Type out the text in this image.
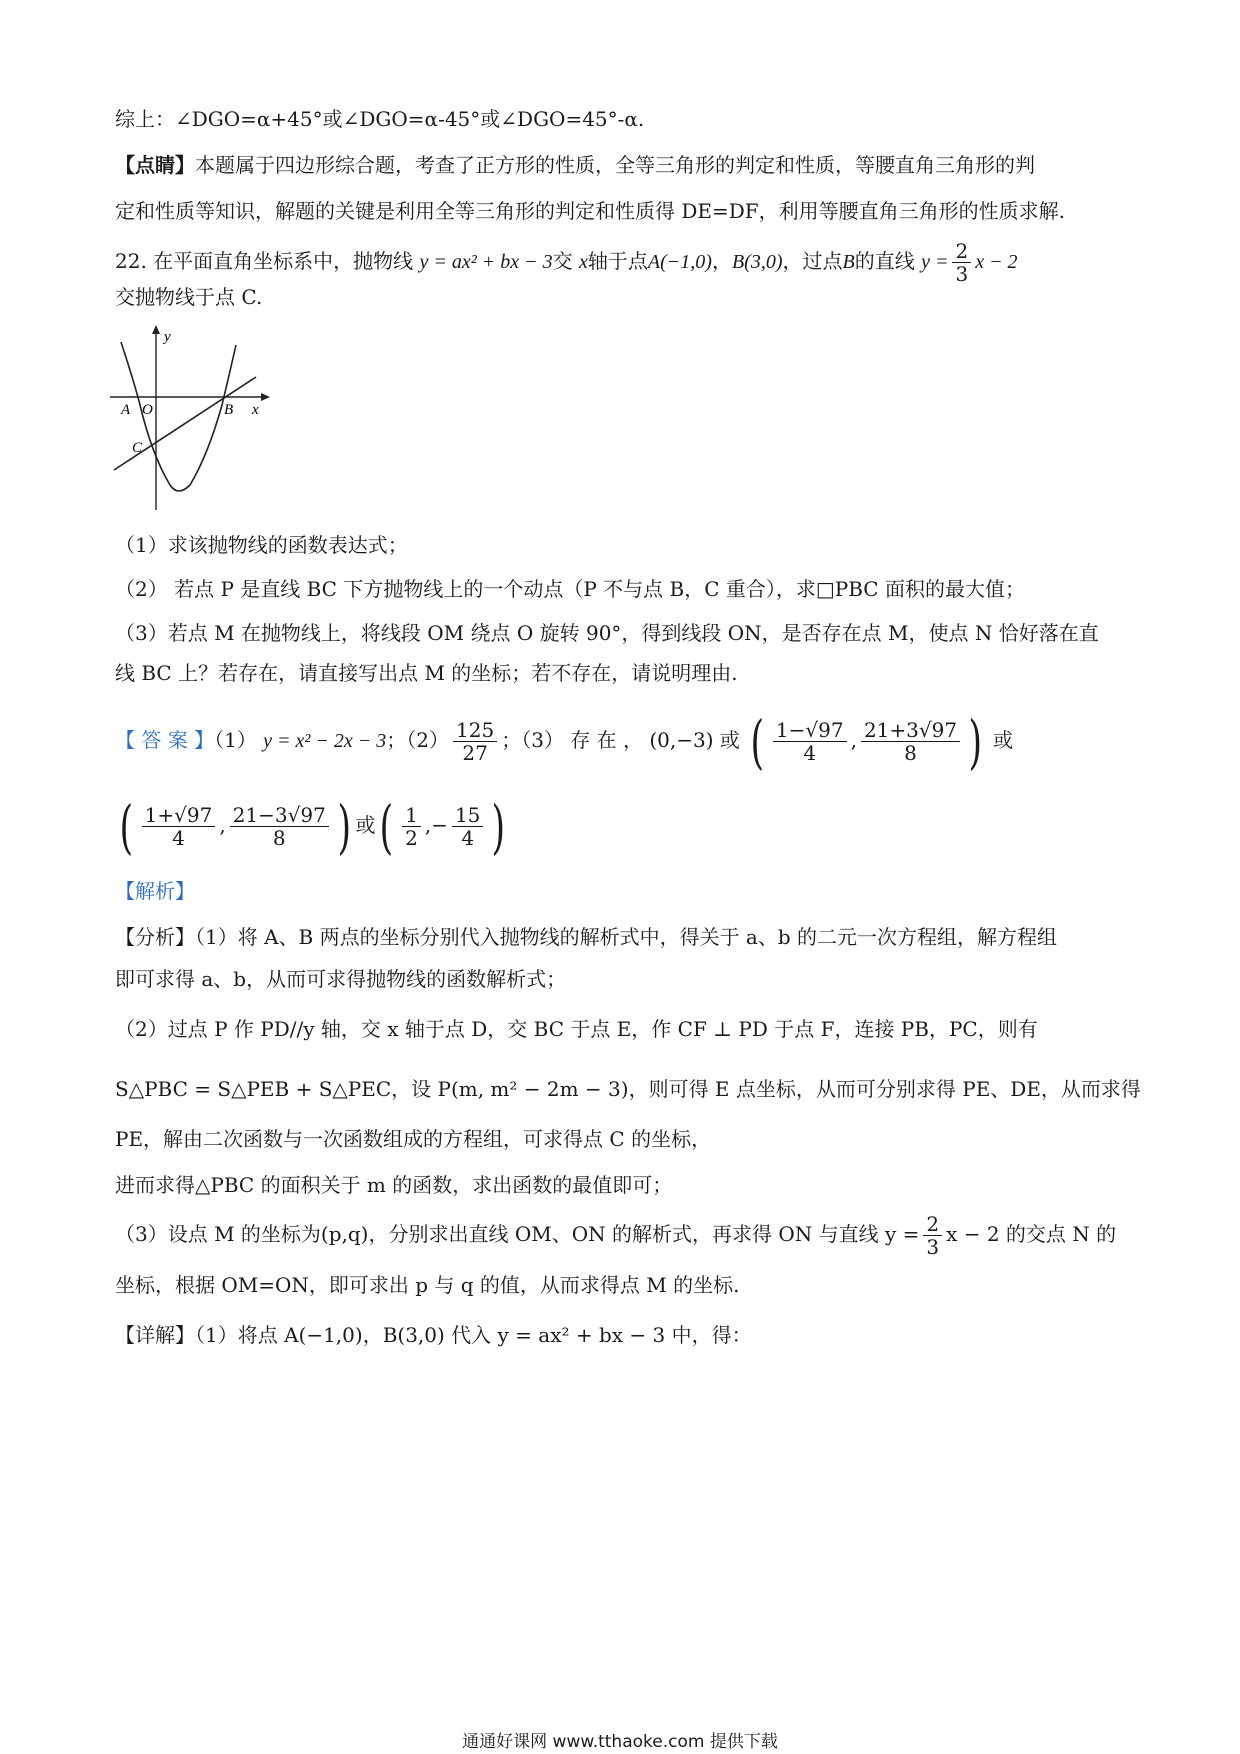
综上：∠DGO=α+45°或∠DGO=α-45°或∠DGO=45°-α.
【点睛】本题属于四边形综合题，考查了正方形的性质，全等三角形的判定和性质，等腰直角三角形的判
定和性质等知识，解题的关键是利用全等三角形的判定和性质得 DE=DF，利用等腰直角三角形的性质求解.
22. 在平面直角坐标系中，抛物线 y = ax² + bx − 3交 x轴于点A(−1,0)，B(3,0)，过点B的直线 $y = \frac{2}{3}$ x − 2
交抛物线于点 C.
y
x
A O	B
C
（1）求该抛物线的函数表达式；
（2） 若点 P 是直线 BC 下方抛物线上的一个动点（P 不与点 B，C 重合），求□PBC 面积的最大值；
（3）若点 M 在抛物线上，将线段 OM 绕点 O 旋转 90°，得到线段 ON，是否存在点 M，使点 N 恰好落在直
线 BC 上？若存在，请直接写出点 M 的坐标；若不存在，请说明理由.
【 答 案 】（1） y = x² − 2x − 3；$(2) \frac{125}{27}$ ；（3） 存 在 ， (0,−3) 或 ( $\frac{1-√97}{4}$ , $\frac{21+3√97}{8}$ ) 或
( $\frac{1+√97}{4}$ , $\frac{21-3√97}{8}$ ) 或( $\frac{1}{2}$ ,− $\frac{15}{4}$ )
【解析】
【分析】（1）将 A、B 两点的坐标分别代入抛物线的解析式中，得关于 a、b 的二元一次方程组，解方程组
即可求得 a、b，从而可求得抛物线的函数解析式；
（2）过点 P 作 PD//y 轴，交 x 轴于点 D，交 BC 于点 E，作 CF ⊥ PD 于点 F，连接 PB，PC，则有
S△PBC = S△PEB + S△PEC，设 P(m, m² − 2m − 3)，则可得 E 点坐标，从而可分别求得 PE、DE，从而求得
PE，解由二次函数与一次函数组成的方程组，可求得点 C 的坐标，
进而求得△PBC 的面积关于 m 的函数，求出函数的最值即可；
（3）设点 M 的坐标为(p,q)，分别求出直线 OM、ON 的解析式，再求得 ON 与直线 $y = \frac{2}{3}$ x − 2 的交点 N 的
坐标，根据 OM=ON，即可求出 p 与 q 的值，从而求得点 M 的坐标.
【详解】（1）将点 A(−1,0)，B(3,0) 代入 y = ax² + bx − 3 中，得：
通通好课网 www.tthaoke.com 提供下载
